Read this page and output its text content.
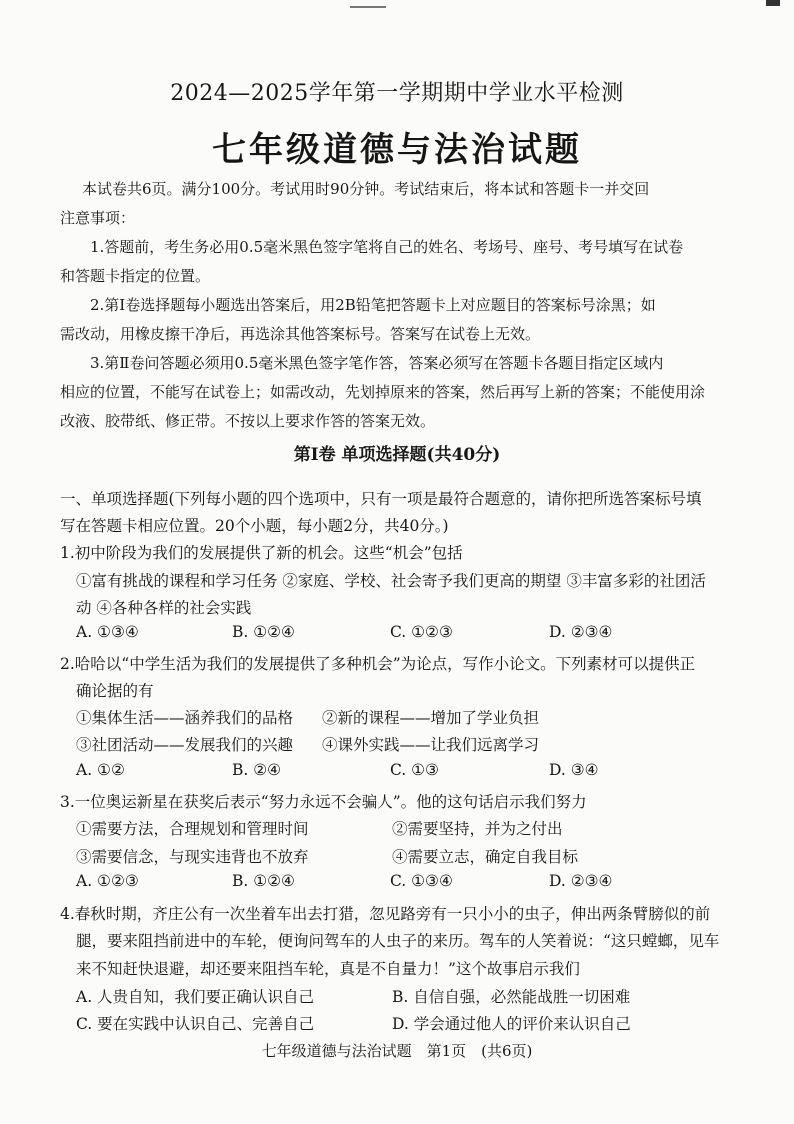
2024—2025学年第一学期期中学业水平检测
七年级道德与法治试题
本试卷共6页。满分100分。考试用时90分钟。考试结束后，将本试和答题卡一并交回
注意事项：
1.答题前，考生务必用0.5毫米黑色签字笔将自己的姓名、考场号、座号、考号填写在试卷
和答题卡指定的位置。
2.第Ⅰ卷选择题每小题选出答案后，用2B铅笔把答题卡上对应题目的答案标号涂黑；如
需改动，用橡皮擦干净后，再选涂其他答案标号。答案写在试卷上无效。
3.第Ⅱ卷问答题必须用0.5毫米黑色签字笔作答，答案必须写在答题卡各题目指定区域内
相应的位置，不能写在试卷上；如需改动，先划掉原来的答案，然后再写上新的答案；不能使用涂
改液、胶带纸、修正带。不按以上要求作答的答案无效。
第Ⅰ卷 单项选择题(共40分)
一、单项选择题(下列每小题的四个选项中，只有一项是最符合题意的，请你把所选答案标号填
写在答题卡相应位置。20个小题，每小题2分，共40分。)
1.初中阶段为我们的发展提供了新的机会。这些“机会”包括
①富有挑战的课程和学习任务 ②家庭、学校、社会寄予我们更高的期望 ③丰富多彩的社团活
动 ④各种各样的社会实践
A. ①③④	B. ①②④	C. ①②③	D. ②③④
2.哈哈以“中学生活为我们的发展提供了多种机会”为论点，写作小论文。下列素材可以提供正
确论据的有
①集体生活——涵养我们的品格 ②新的课程——增加了学业负担
③社团活动——发展我们的兴趣 ④课外实践——让我们远离学习
A. ①②	B. ②④	C. ①③	D. ③④
3.一位奥运新星在获奖后表示“努力永远不会骗人”。他的这句话启示我们努力
①需要方法，合理规划和管理时间	②需要坚持，并为之付出
③需要信念，与现实违背也不放弃	④需要立志，确定自我目标
A. ①②③	B. ①②④	C. ①③④	D. ②③④
4.春秋时期，齐庄公有一次坐着车出去打猎，忽见路旁有一只小小的虫子，伸出两条臂膀似的前
腿，要来阻挡前进中的车轮，便询问驾车的人虫子的来历。驾车的人笑着说：“这只螳螂，见车
来不知赶快退避，却还要来阻挡车轮，真是不自量力！”这个故事启示我们
A. 人贵自知，我们要正确认识自己	B. 自信自强，必然能战胜一切困难
C. 要在实践中认识自己、完善自己	D. 学会通过他人的评价来认识自己
七年级道德与法治试题　第1页　(共6页)
